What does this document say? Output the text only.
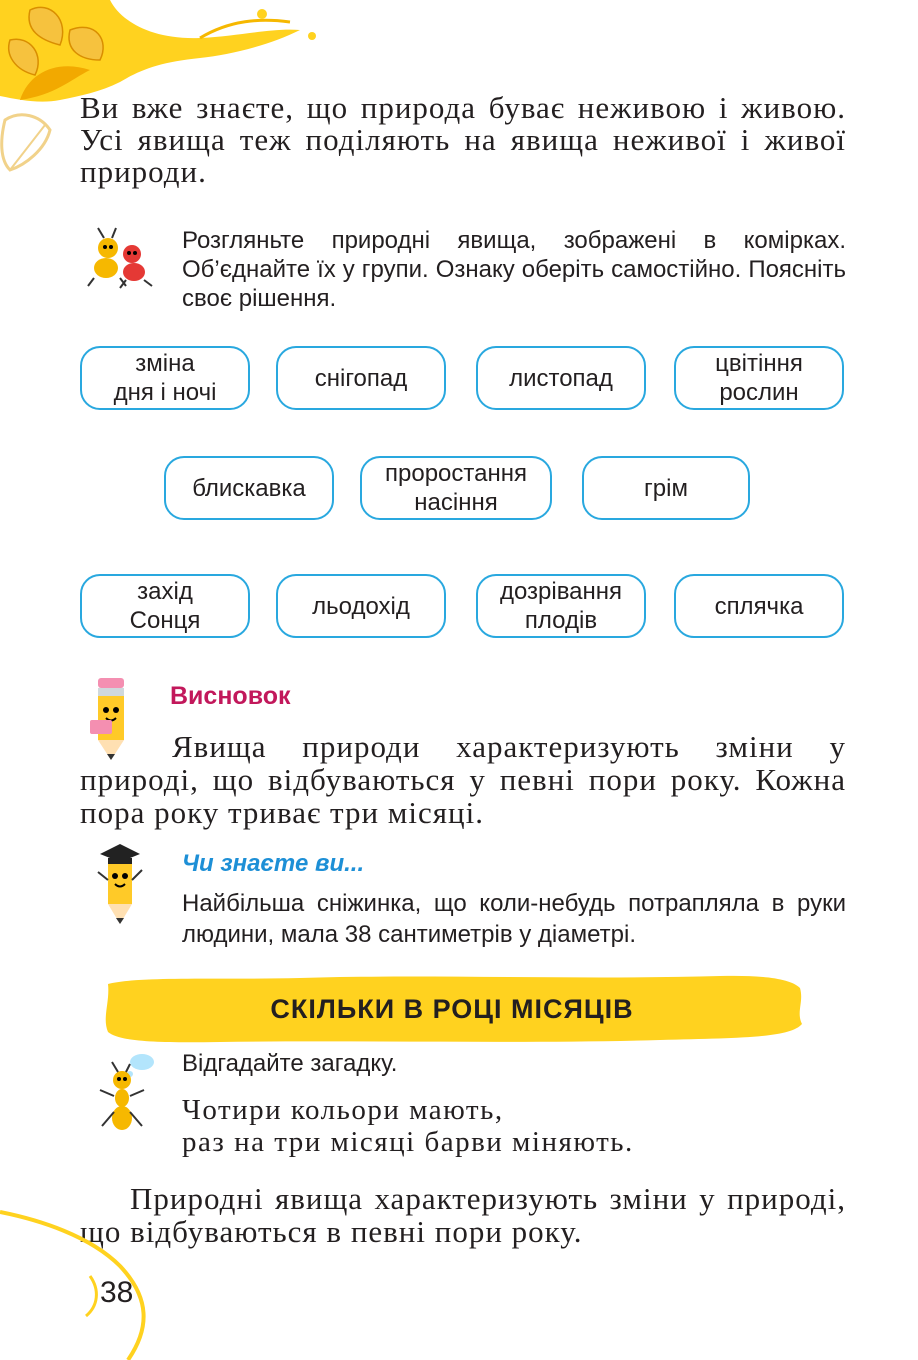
Ви вже знаєте, що природа буває неживою і живою. Усі явища теж поділяють на явища неживої і живої природи.
Розгляньте природні явища, зображені в комірках. Об’єднайте їх у групи. Ознаку оберіть самостійно. Поясніть своє рішення.
зміна
дня і ночі
снігопад	листопад
цвітіння
рослин
блискавка
проростання
насіння
грім
захід
Сонця
льодохід
дозрівання
плодів
сплячка
Висновок
Явища природи характеризують зміни у природі, що відбуваються у певні пори року. Кожна пора року триває три місяці.
Чи знаєте ви...
Найбільша сніжинка, що коли-небудь потрапляла в руки людини, мала 38 сантиметрів у діаметрі.
СКІЛЬКИ В РОЦІ МІСЯЦІВ
Відгадайте загадку.
Чотири кольори мають,
раз на три місяці барви міняють.
Природні явища характеризують зміни у природі, що відбуваються в певні пори року.
38
